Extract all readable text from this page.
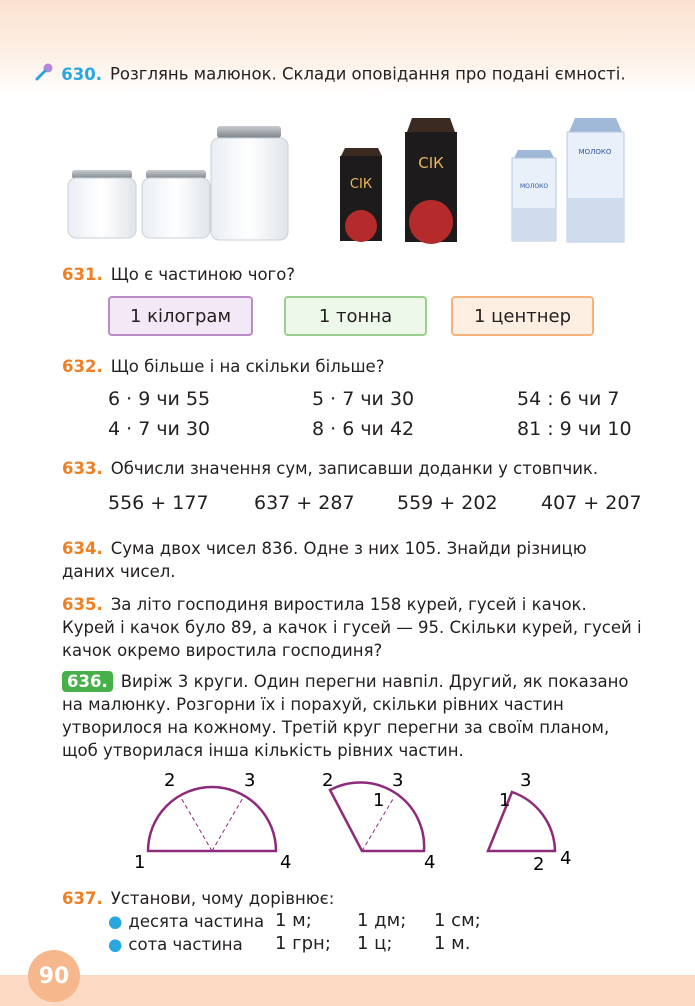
630. Розглянь малюнок. Склади оповідання про подані ємності.
СІК
СІК
МОЛОКО
МОЛОКО
631. Що є частиною чого?
1 кілограм	1 тонна	1 центнер
632. Що більше і на скільки більше?
6 · 9 чи 55	5 · 7 чи 30	54 : 6 чи 7
4 · 7 чи 30	8 · 6 чи 42	81 : 9 чи 10
633. Обчисли значення сум, записавши доданки у стовпчик.
556 + 177 637 + 287 559 + 202 407 + 207
634. Сума двох чисел 836. Одне з них 105. Знайди різницю даних чисел.
635. За літо господиня виростила 158 курей, гусей і качок. Курей і качок було 89, а качок і гусей — 95. Скільки курей, гусей і качок окремо виростила господиня?
636. Виріж 3 круги. Один перегни навпіл. Другий, як показано на малюнку. Розгорни їх і порахуй, скільки рівних частин утворилося на кожному. Третій круг перегни за своїм планом, щоб утворилася інша кількість рівних частин.
2	3
1	4
2	3
1
4
3
1
2 4
637. Установи, чому дорівнює:
● десята частина 1 м;	1 дм; 1 см;
● сота частина 1 грн; 1 ц; 1 м.
90
